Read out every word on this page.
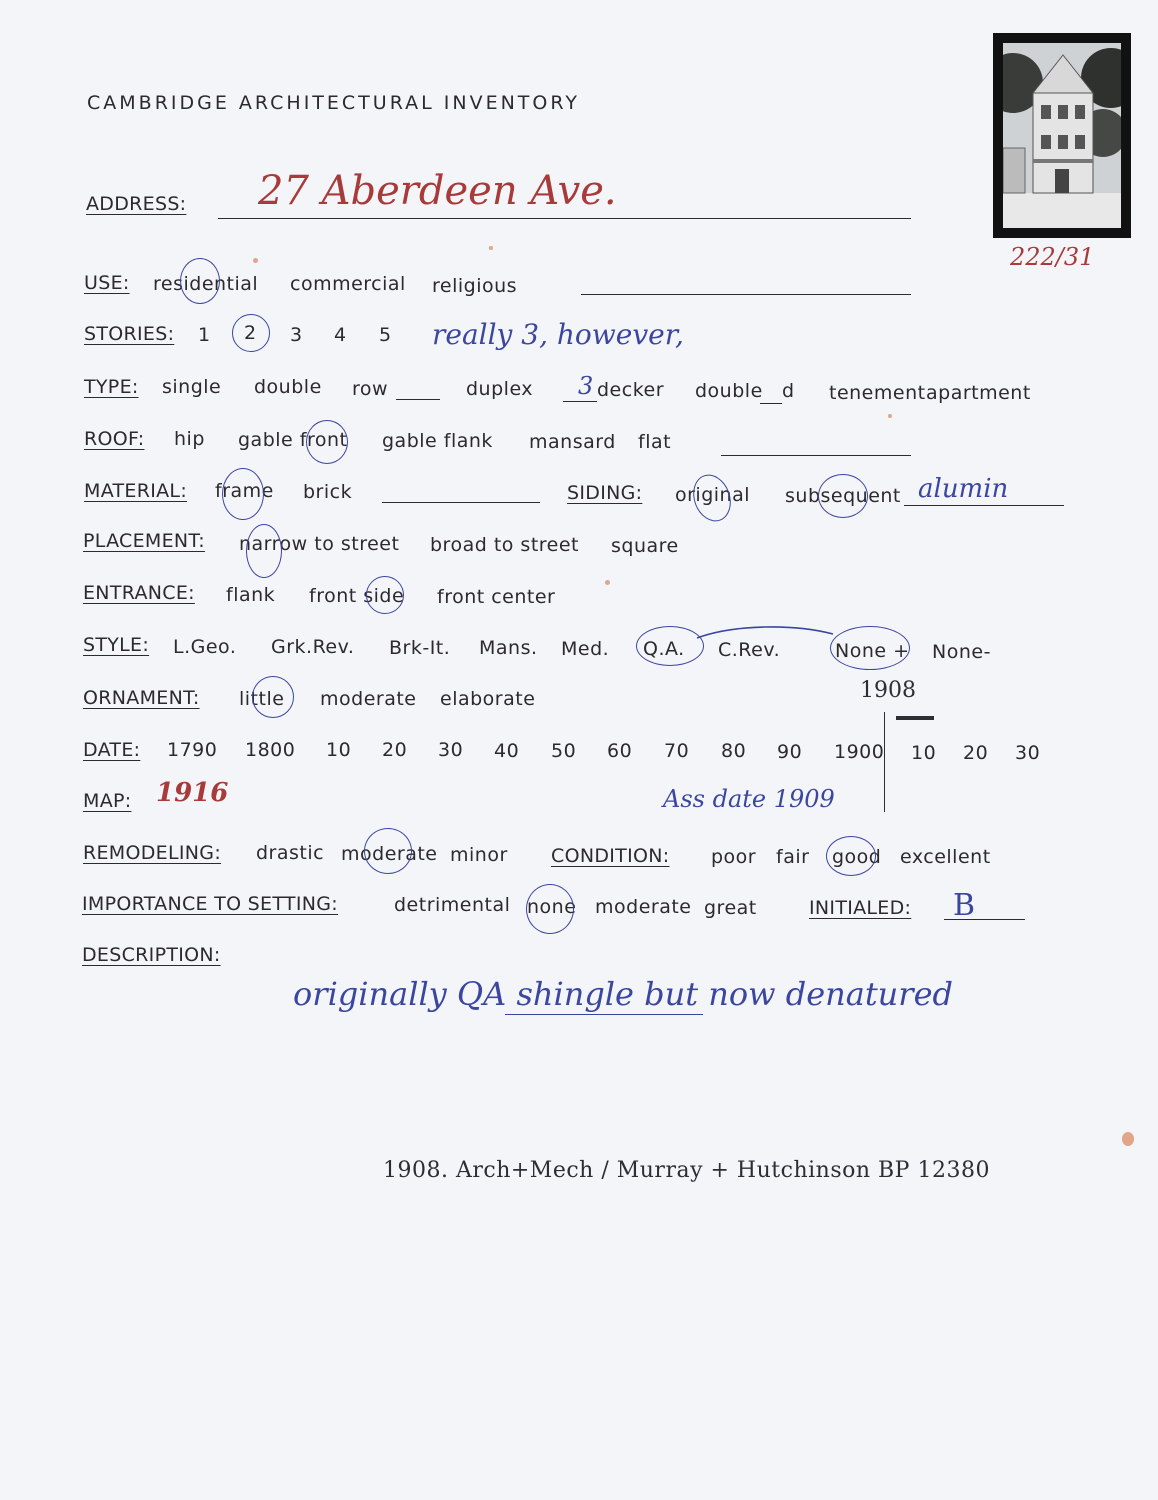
222/31
CAMBRIDGE ARCHITECTURAL INVENTORY
ADDRESS: 27 Aberdeen Ave.
USE: residential commercial religious
STORIES: 1 2 3 4 5 really 3, however,
TYPE: single double row	duplex 3 decker double d tenement apartment
ROOF: hip gable front gable flank mansard flat
MATERIAL: frame brick	SIDING: original subsequent alumin
PLACEMENT: narrow to street broad to street square
ENTRANCE: flank front side front center
STYLE: L.Geo. Grk.Rev. Brk-It. Mans. Med. Q.A. C.Rev.	None + None-
ORNAMENT: little moderate elaborate	1908
DATE: 1790 1800 10 20 30 40 50 60 70 80 90 1900 10 20 30
MAP: 1916	Ass date 1909
REMODELING: drastic moderate minor CONDITION: poor fair good excellent
IMPORTANCE TO SETTING:	detrimental none moderate great	INITIALED: B
DESCRIPTION:
originally QA shingle but now denatured
1908. Arch+Mech / Murray + Hutchinson BP 12380
